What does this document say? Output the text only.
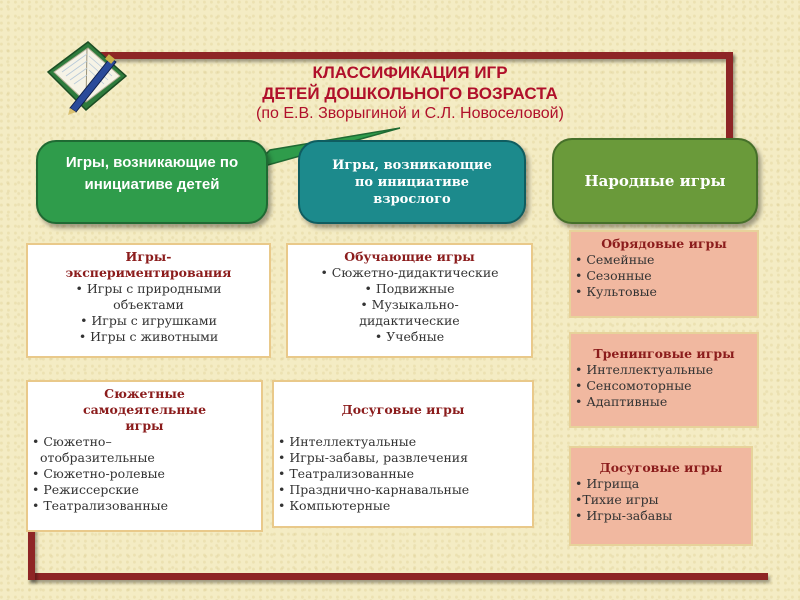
КЛАССИФИКАЦИЯ ИГР
ДЕТЕЙ ДОШКОЛЬНОГО ВОЗРАСТА
(по Е.В. Зворыгиной и С.Л. Новоселовой)
Игры, возникающие по
инициативе детей
Игры, возникающие
по инициативе
взрослого
Народные игры
Игры-
экспериментирования
• Игры с природными
объектами
• Игры с игрушками
• Игры с животными
Обучающие игры
• Сюжетно-дидактические
• Подвижные
• Музыкально-
дидактические
• Учебные
Сюжетные
самодеятельные
игры
• Сюжетно–
отобразительные
• Сюжетно-ролевые
• Режиссерские
• Театрализованные
Досуговые игры
• Интеллектуальные
• Игры-забавы, развлечения
• Театрализованные
• Празднично-карнавальные
• Компьютерные
Обрядовые игры
• Семейные
• Сезонные
• Культовые
Тренинговые игры
• Интеллектуальные
• Сенсомоторные
• Адаптивные
Досуговые игры
• Игрища
•Тихие игры
• Игры-забавы
